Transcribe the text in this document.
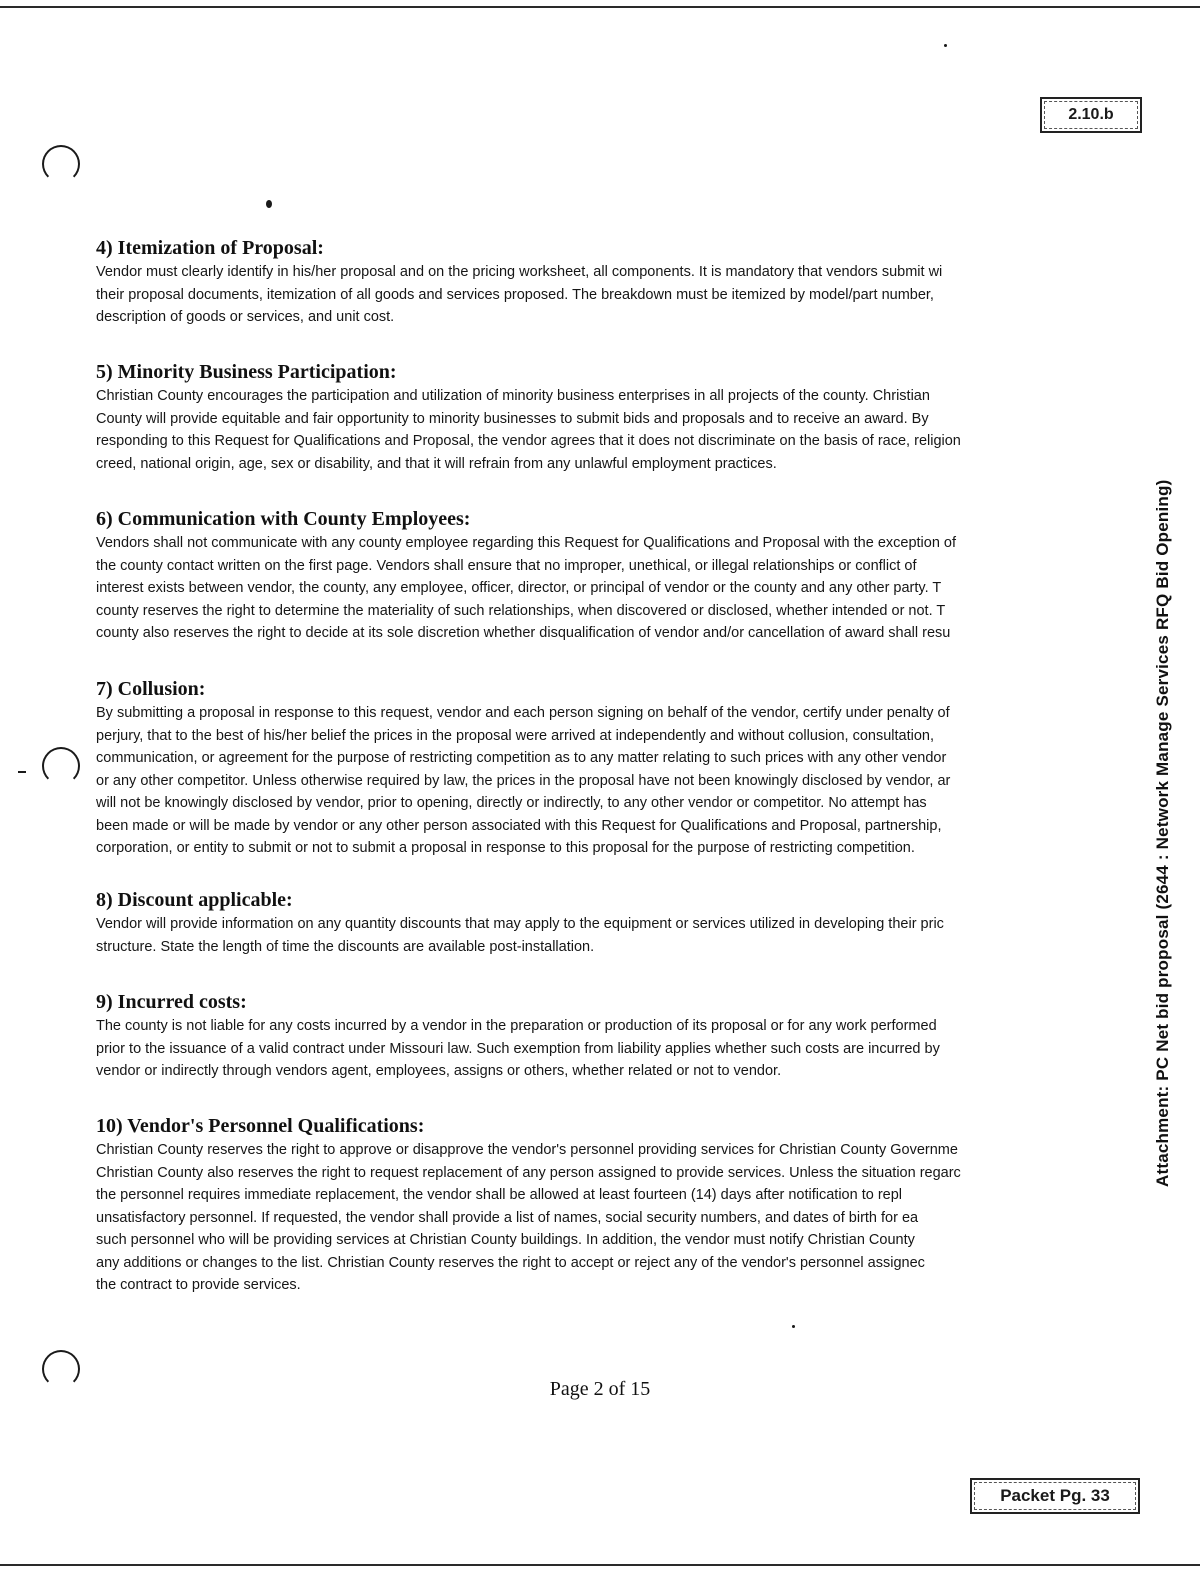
2.10.b
4) Itemization of Proposal:

Vendor must clearly identify in his/her proposal and on the pricing worksheet, all components. It is mandatory that vendors submit wi
their proposal documents, itemization of all goods and services proposed. The breakdown must be itemized by model/part number,
description of goods or services, and unit cost.

5) Minority Business Participation:

Christian County encourages the participation and utilization of minority business enterprises in all projects of the county. Christian
County will provide equitable and fair opportunity to minority businesses to submit bids and proposals and to receive an award. By
responding to this Request for Qualifications and Proposal, the vendor agrees that it does not discriminate on the basis of race, religion
creed, national origin, age, sex or disability, and that it will refrain from any unlawful employment practices.

6) Communication with County Employees:

Vendors shall not communicate with any county employee regarding this Request for Qualifications and Proposal with the exception of
the county contact written on the first page. Vendors shall ensure that no improper, unethical, or illegal relationships or conflict of
interest exists between vendor, the county, any employee, officer, director, or principal of vendor or the county and any other party. T
county reserves the right to determine the materiality of such relationships, when discovered or disclosed, whether intended or not. T
county also reserves the right to decide at its sole discretion whether disqualification of vendor and/or cancellation of award shall resu

7) Collusion:

By submitting a proposal in response to this request, vendor and each person signing on behalf of the vendor, certify under penalty of
perjury, that to the best of his/her belief the prices in the proposal were arrived at independently and without collusion, consultation,
communication, or agreement for the purpose of restricting competition as to any matter relating to such prices with any other vendor
or any other competitor. Unless otherwise required by law, the prices in the proposal have not been knowingly disclosed by vendor, ar
will not be knowingly disclosed by vendor, prior to opening, directly or indirectly, to any other vendor or competitor. No attempt has
been made or will be made by vendor or any other person associated with this Request for Qualifications and Proposal, partnership,
corporation, or entity to submit or not to submit a proposal in response to this proposal for the purpose of restricting competition.

8) Discount applicable:

Vendor will provide information on any quantity discounts that may apply to the equipment or services utilized in developing their pric
structure. State the length of time the discounts are available post-installation.

9) Incurred costs:

The county is not liable for any costs incurred by a vendor in the preparation or production of its proposal or for any work performed
prior to the issuance of a valid contract under Missouri law. Such exemption from liability applies whether such costs are incurred by
vendor or indirectly through vendors agent, employees, assigns or others, whether related or not to vendor.

10) Vendor's Personnel Qualifications:

Christian County reserves the right to approve or disapprove the vendor's personnel providing services for Christian County Governme
Christian County also reserves the right to request replacement of any person assigned to provide services. Unless the situation regarc
the personnel requires immediate replacement, the vendor shall be allowed at least fourteen (14) days after notification to repl
unsatisfactory personnel. If requested, the vendor shall provide a list of names, social security numbers, and dates of birth for ea
such personnel who will be providing services at Christian County buildings. In addition, the vendor must notify Christian County
any additions or changes to the list. Christian County reserves the right to accept or reject any of the vendor's personnel assignec
the contract to provide services.

Page 2 of 15
Packet Pg. 33
Attachment: PC Net bid proposal (2644 : Network Manage Services RFQ Bid Opening)
